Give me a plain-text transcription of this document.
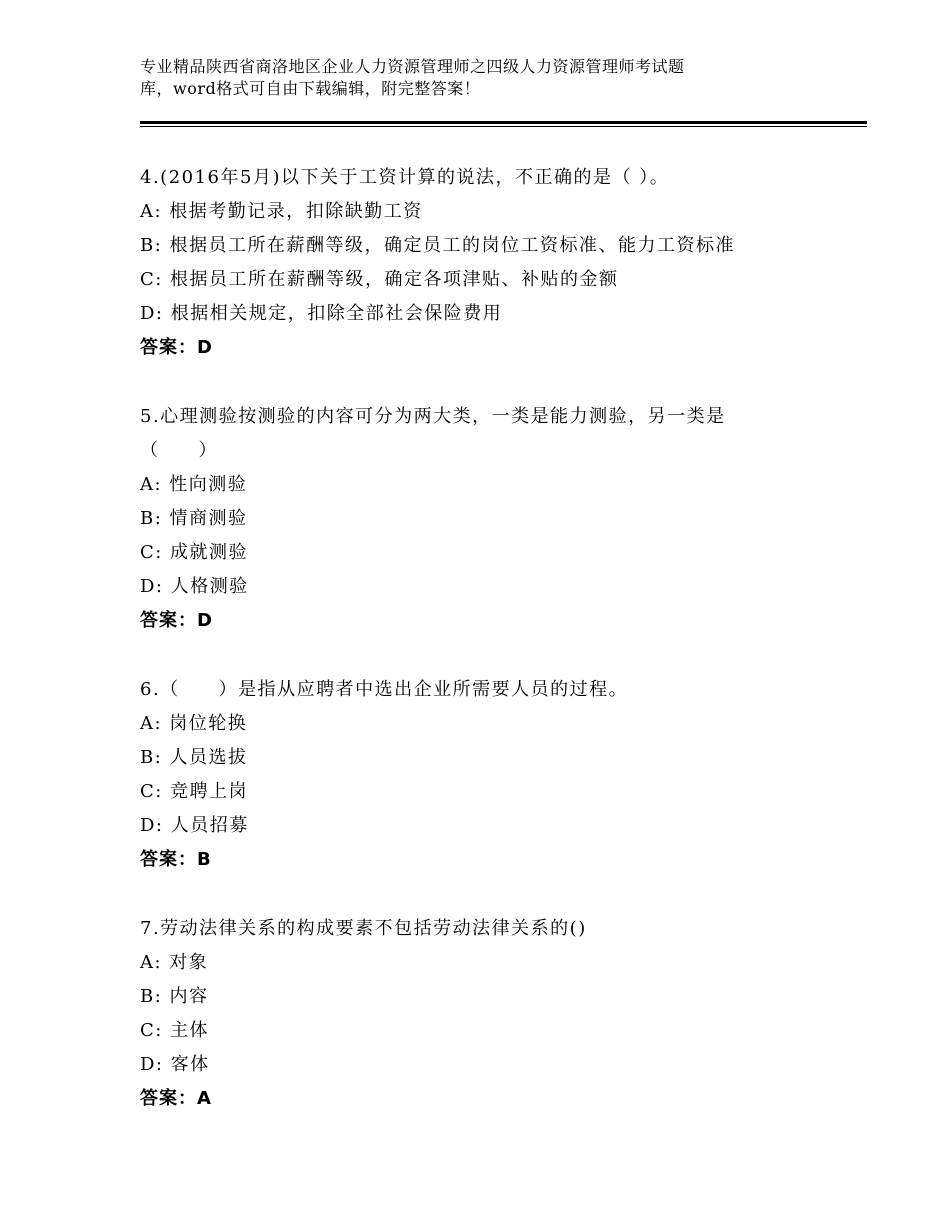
专业精品陕西省商洛地区企业人力资源管理师之四级人力资源管理师考试题
库，word格式可自由下载编辑，附完整答案！
4.(2016年5月)以下关于工资计算的说法，不正确的是（ ）。
A: 根据考勤记录，扣除缺勤工资
B: 根据员工所在薪酬等级，确定员工的岗位工资标准、能力工资标准
C: 根据员工所在薪酬等级，确定各项津贴、补贴的金额
D: 根据相关规定，扣除全部社会保险费用
答案：D
5.心理测验按测验的内容可分为两大类，一类是能力测验，另一类是
（　　）
A: 性向测验
B: 情商测验
C: 成就测验
D: 人格测验
答案：D
6.（　　）是指从应聘者中选出企业所需要人员的过程。
A: 岗位轮换
B: 人员选拔
C: 竞聘上岗
D: 人员招募
答案：B
7.劳动法律关系的构成要素不包括劳动法律关系的()
A: 对象
B: 内容
C: 主体
D: 客体
答案：A
